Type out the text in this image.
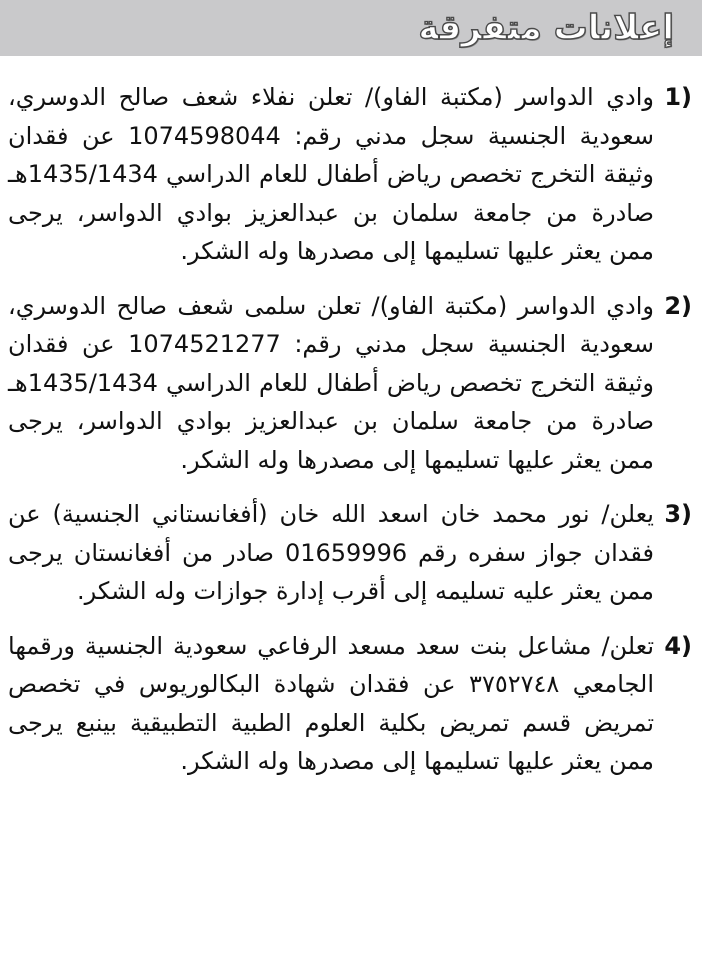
إعلانات متفرقة
1)

وادي الدواسر (مكتبة الفاو)/ تعلن نفلاء شعف صالح الدوسري، سعودية الجنسية سجل مدني رقم: 1074598044 عن فقدان وثيقة التخرج تخصص رياض أطفال للعام الدراسي 1435/1434هـ صادرة من جامعة سلمان بن عبدالعزيز بوادي الدواسر، يرجى ممن يعثر عليها تسليمها إلى مصدرها وله الشكر.

2)

وادي الدواسر (مكتبة الفاو)/ تعلن سلمى شعف صالح الدوسري، سعودية الجنسية سجل مدني رقم: 1074521277 عن فقدان وثيقة التخرج تخصص رياض أطفال للعام الدراسي 1435/1434هـ صادرة من جامعة سلمان بن عبدالعزيز بوادي الدواسر، يرجى ممن يعثر عليها تسليمها إلى مصدرها وله الشكر.

3)

يعلن/ نور محمد خان اسعد الله خان (أفغانستاني الجنسية) عن فقدان جواز سفره رقم 01659996 صادر من أفغانستان يرجى ممن يعثر عليه تسليمه إلى أقرب إدارة جوازات وله الشكر.

4)

تعلن/ مشاعل بنت سعد مسعد الرفاعي سعودية الجنسية ورقمها الجامعي ٣٧٥٢٧٤٨ عن فقدان شهادة البكالوريوس في تخصص تمريض قسم تمريض بكلية العلوم الطبية التطبيقية بينبع يرجى ممن يعثر عليها تسليمها إلى مصدرها وله الشكر.
